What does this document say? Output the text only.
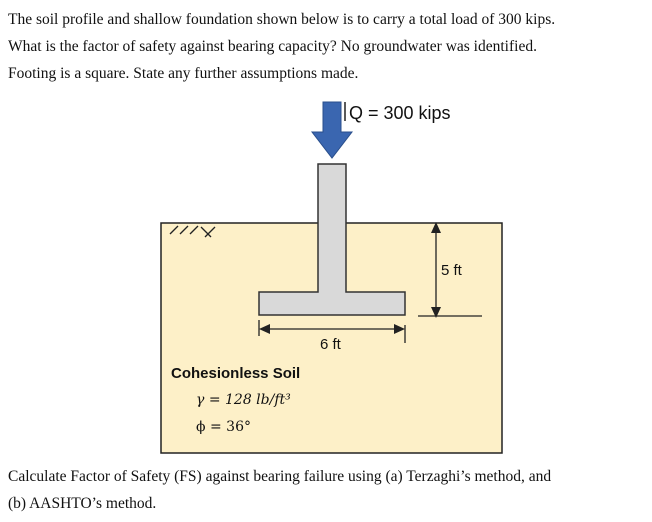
The soil profile and shallow foundation shown below is to carry a total load of 300 kips.
What is the factor of safety against bearing capacity? No groundwater was identified.
Footing is a square. State any further assumptions made.
Q = 300 kips
5 ft
6 ft
Cohesionless Soil
γ = 128 lb/ft³
ϕ = 36°
Calculate Factor of Safety (FS) against bearing failure using (a) Terzaghi’s method, and
(b) AASHTO’s method.
